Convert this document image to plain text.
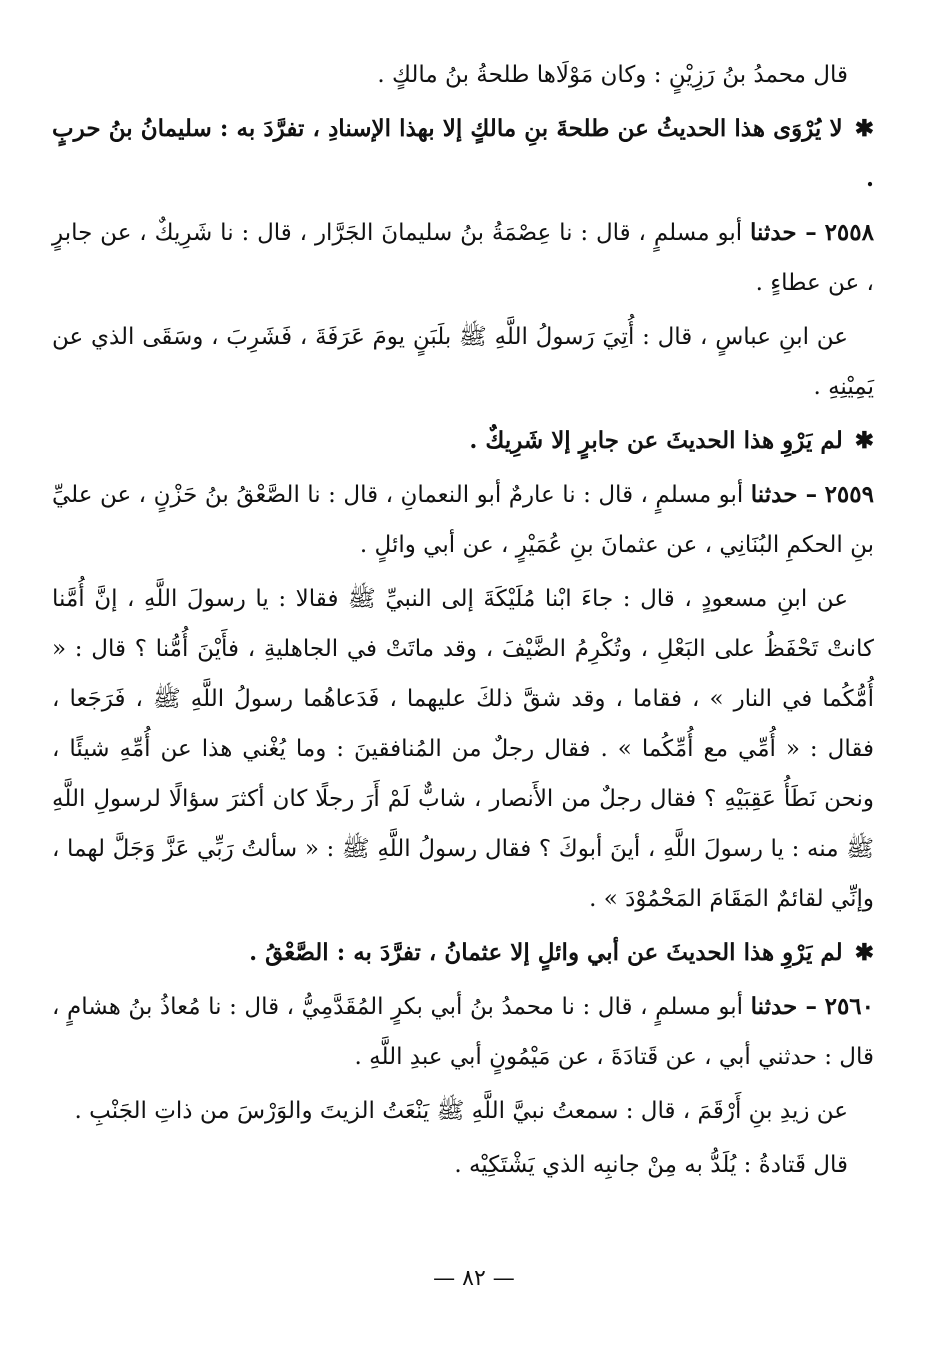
قال محمدُ بنُ رَزِيْنٍ : وكان مَوْلَاها طلحةُ بنُ مالكٍ .

✱ لا يُرْوَى هذا الحديثُ عن طلحةَ بنِ مالكٍ إلا بهذا الإسنادِ ، تفرَّدَ به : سليمانُ بنُ حربٍ .

٢٥٥٨ – حدثنا أبو مسلمٍ ، قال : نا عِصْمَةُ بنُ سليمانَ الجَرَّار ، قال : نا شَرِيكٌ ، عن جابرٍ ، عن عطاءٍ .

عن ابنِ عباسٍ ، قال : أُتِيَ رَسولُ اللَّهِ ﷺ بلَبَنٍ يومَ عَرَفَةَ ، فَشَرِبَ ، وسَقَى الذي عن يَمِيْنِهِ .

✱ لم يَرْوِ هذا الحديثَ عن جابرٍ إلا شَرِيكٌ .

٢٥٥٩ – حدثنا أبو مسلمٍ ، قال : نا عارمٌ أبو النعمانِ ، قال : نا الصَّعْقُ بنُ حَزْنٍ ، عن عليِّ بنِ الحكمِ البُنَانِي ، عن عثمانَ بنِ عُمَيْرٍ ، عن أبي وائلٍ .

عن ابنِ مسعودٍ ، قال : جاءَ ابْنا مُلَيْكَةَ إلى النبيِّ ﷺ فقالا : يا رسولَ اللَّهِ ، إنَّ أُمَّنا كانتْ تَحْفَظُ على البَعْلِ ، وتُكْرِمُ الضَّيْفَ ، وقد ماتَتْ في الجاهليةِ ، فأَيْنَ أُمُّنا ؟ قال : « أُمُّكُما في النار » ، فقاما ، وقد شقَّ ذلكَ عليهما ، فَدَعاهُما رسولُ اللَّهِ ﷺ ، فَرَجَعا ، فقال : « أُمِّي مع أُمِّكُما » . فقال رجلٌ من المُنافقينَ : وما يُغْني هذا عن أُمِّهِ شيئًا ، ونحن نَطَأُ عَقِبَيْهِ ؟ فقال رجلٌ من الأَنصار ، شابٌّ لَمْ أَرَ رجلًا كان أكثرَ سؤالًا لرسولِ اللَّهِ ﷺ منه : يا رسولَ اللَّهِ ، أينَ أبوكَ ؟ فقال رسولُ اللَّهِ ﷺ : « سألتُ رَبِّي عَزَّ وَجَلَّ لهما ، وإنِّي لقائمٌ المَقَامَ المَحْمُوْدَ » .

✱ لم يَرْوِ هذا الحديثَ عن أبي وائلٍ إلا عثمانُ ، تفرَّدَ به : الصَّعْقُ .

٢٥٦٠ – حدثنا أبو مسلمٍ ، قال : نا محمدُ بنُ أبي بكرٍ المُقَدَّمِيُّ ، قال : نا مُعاذُ بنُ هشامٍ ، قال : حدثني أبي ، عن قَتادَةَ ، عن مَيْمُونٍ أبي عبدِ اللَّهِ .

عن زيدِ بنِ أَرْقَمَ ، قال : سمعتُ نبيَّ اللَّهِ ﷺ يَنْعَتُ الزيتَ والوَرْسَ من ذاتِ الجَنْبِ .

قال قَتادةُ : يُلَدُّ به مِنْ جانبِه الذي يَشْتَكِيْه .

— ٨٢ —
